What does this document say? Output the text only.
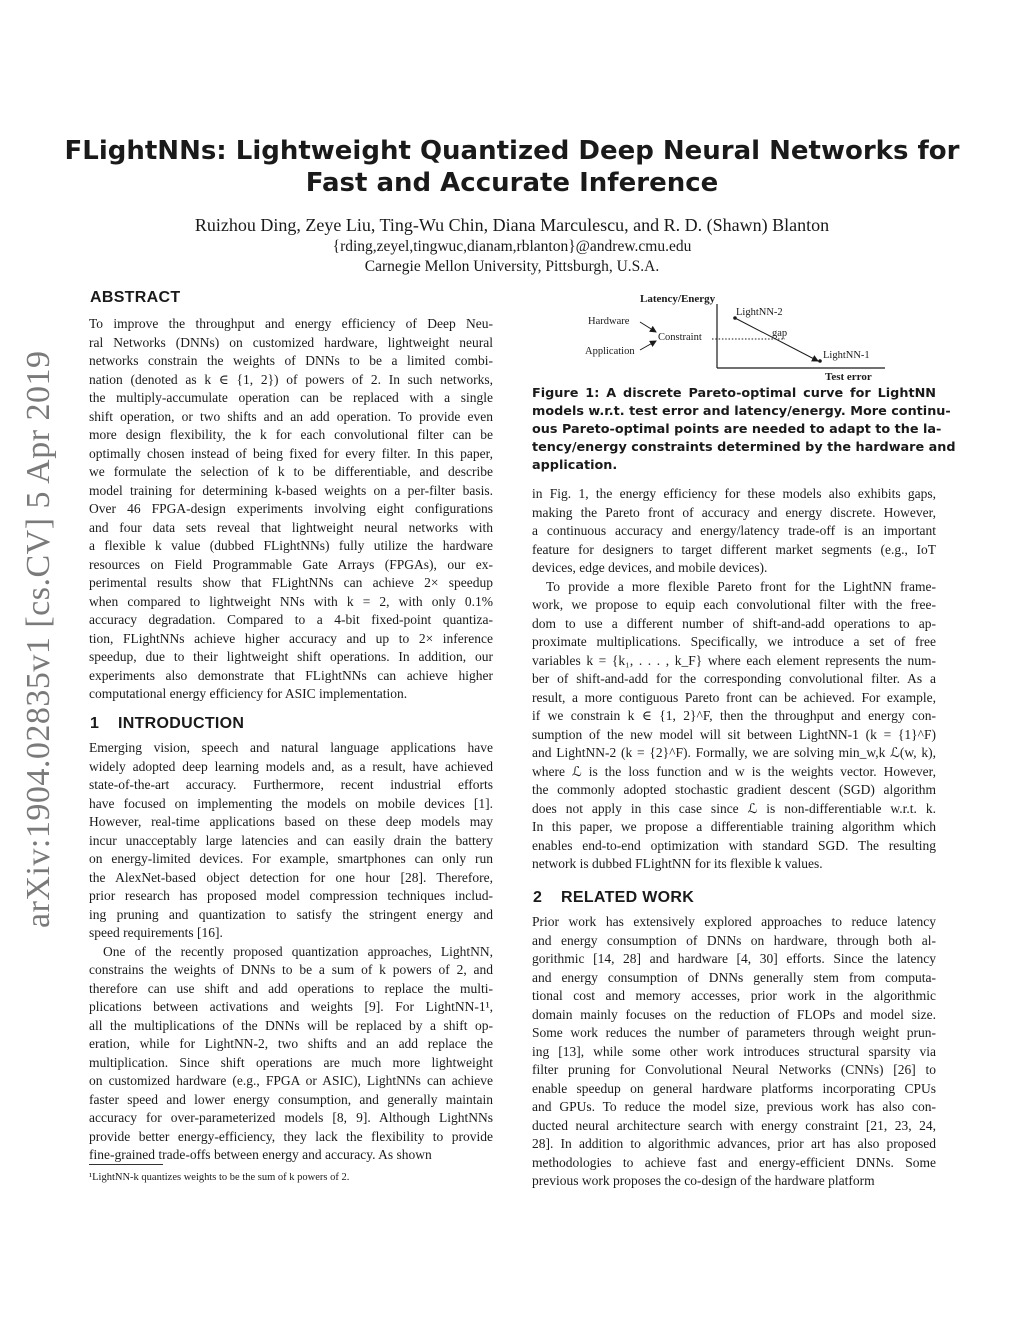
FLightNNs: Lightweight Quantized Deep Neural Networks for
Fast and Accurate Inference
Ruizhou Ding, Zeye Liu, Ting-Wu Chin, Diana Marculescu, and R. D. (Shawn) Blanton
{rding,zeyel,tingwuc,dianam,rblanton}@andrew.cmu.edu
Carnegie Mellon University, Pittsburgh, U.S.A.
arXiv:1904.02835v1 [cs.CV] 5 Apr 2019
ABSTRACT
To improve the throughput and energy efficiency of Deep Neu-
ral Networks (DNNs) on customized hardware, lightweight neural
networks constrain the weights of DNNs to be a limited combi-
nation (denoted as k ∈ {1, 2}) of powers of 2. In such networks,
the multiply-accumulate operation can be replaced with a single
shift operation, or two shifts and an add operation. To provide even
more design flexibility, the k for each convolutional filter can be
optimally chosen instead of being fixed for every filter. In this paper,
we formulate the selection of k to be differentiable, and describe
model training for determining k-based weights on a per-filter basis.
Over 46 FPGA-design experiments involving eight configurations
and four data sets reveal that lightweight neural networks with
a flexible k value (dubbed FLightNNs) fully utilize the hardware
resources on Field Programmable Gate Arrays (FPGAs), our ex-
perimental results show that FLightNNs can achieve 2× speedup
when compared to lightweight NNs with k = 2, with only 0.1%
accuracy degradation. Compared to a 4-bit fixed-point quantiza-
tion, FLightNNs achieve higher accuracy and up to 2× inference
speedup, due to their lightweight shift operations. In addition, our
experiments also demonstrate that FLightNNs can achieve higher
computational energy efficiency for ASIC implementation.
1 INTRODUCTION
Emerging vision, speech and natural language applications have
widely adopted deep learning models and, as a result, have achieved
state-of-the-art accuracy. Furthermore, recent industrial efforts
have focused on implementing the models on mobile devices [1].
However, real-time applications based on these deep models may
incur unacceptably large latencies and can easily drain the battery
on energy-limited devices. For example, smartphones can only run
the AlexNet-based object detection for one hour [28]. Therefore,
prior research has proposed model compression techniques includ-
ing pruning and quantization to satisfy the stringent energy and
speed requirements [16].
One of the recently proposed quantization approaches, LightNN,
constrains the weights of DNNs to be a sum of k powers of 2, and
therefore can use shift and add operations to replace the multi-
plications between activations and weights [9]. For LightNN-1¹,
all the multiplications of the DNNs will be replaced by a shift op-
eration, while for LightNN-2, two shifts and an add replace the
multiplication. Since shift operations are much more lightweight
on customized hardware (e.g., FPGA or ASIC), LightNNs can achieve
faster speed and lower energy consumption, and generally maintain
accuracy for over-parameterized models [8, 9]. Although LightNNs
provide better energy-efficiency, they lack the flexibility to provide
fine-grained trade-offs between energy and accuracy. As shown
¹LightNN-k quantizes weights to be the sum of k powers of 2.
Latency/Energy
Test error
Hardware
Application
Constraint
LightNN-2
gap
LightNN-1
Figure 1: A discrete Pareto-optimal curve for LightNN
models w.r.t. test error and latency/energy. More continu-
ous Pareto-optimal points are needed to adapt to the la-
tency/energy constraints determined by the hardware and
application.
in Fig. 1, the energy efficiency for these models also exhibits gaps,
making the Pareto front of accuracy and energy discrete. However,
a continuous accuracy and energy/latency trade-off is an important
feature for designers to target different market segments (e.g., IoT
devices, edge devices, and mobile devices).
To provide a more flexible Pareto front for the LightNN frame-
work, we propose to equip each convolutional filter with the free-
dom to use a different number of shift-and-add operations to ap-
proximate multiplications. Specifically, we introduce a set of free
variables k = {k₁, . . . , k_F} where each element represents the num-
ber of shift-and-add for the corresponding convolutional filter. As a
result, a more contiguous Pareto front can be achieved. For example,
if we constrain k ∈ {1, 2}^F, then the throughput and energy con-
sumption of the new model will sit between LightNN-1 (k = {1}^F)
and LightNN-2 (k = {2}^F). Formally, we are solving min_w,k ℒ(w, k),
where ℒ is the loss function and w is the weights vector. However,
the commonly adopted stochastic gradient descent (SGD) algorithm
does not apply in this case since ℒ is non-differentiable w.r.t. k.
In this paper, we propose a differentiable training algorithm which
enables end-to-end optimization with standard SGD. The resulting
network is dubbed FLightNN for its flexible k values.
2 RELATED WORK
Prior work has extensively explored approaches to reduce latency
and energy consumption of DNNs on hardware, through both al-
gorithmic [14, 28] and hardware [4, 30] efforts. Since the latency
and energy consumption of DNNs generally stem from computa-
tional cost and memory accesses, prior work in the algorithmic
domain mainly focuses on the reduction of FLOPs and model size.
Some work reduces the number of parameters through weight prun-
ing [13], while some other work introduces structural sparsity via
filter pruning for Convolutional Neural Networks (CNNs) [26] to
enable speedup on general hardware platforms incorporating CPUs
and GPUs. To reduce the model size, previous work has also con-
ducted neural architecture search with energy constraint [21, 23, 24,
28]. In addition to algorithmic advances, prior art has also proposed
methodologies to achieve fast and energy-efficient DNNs. Some
previous work proposes the co-design of the hardware platform
